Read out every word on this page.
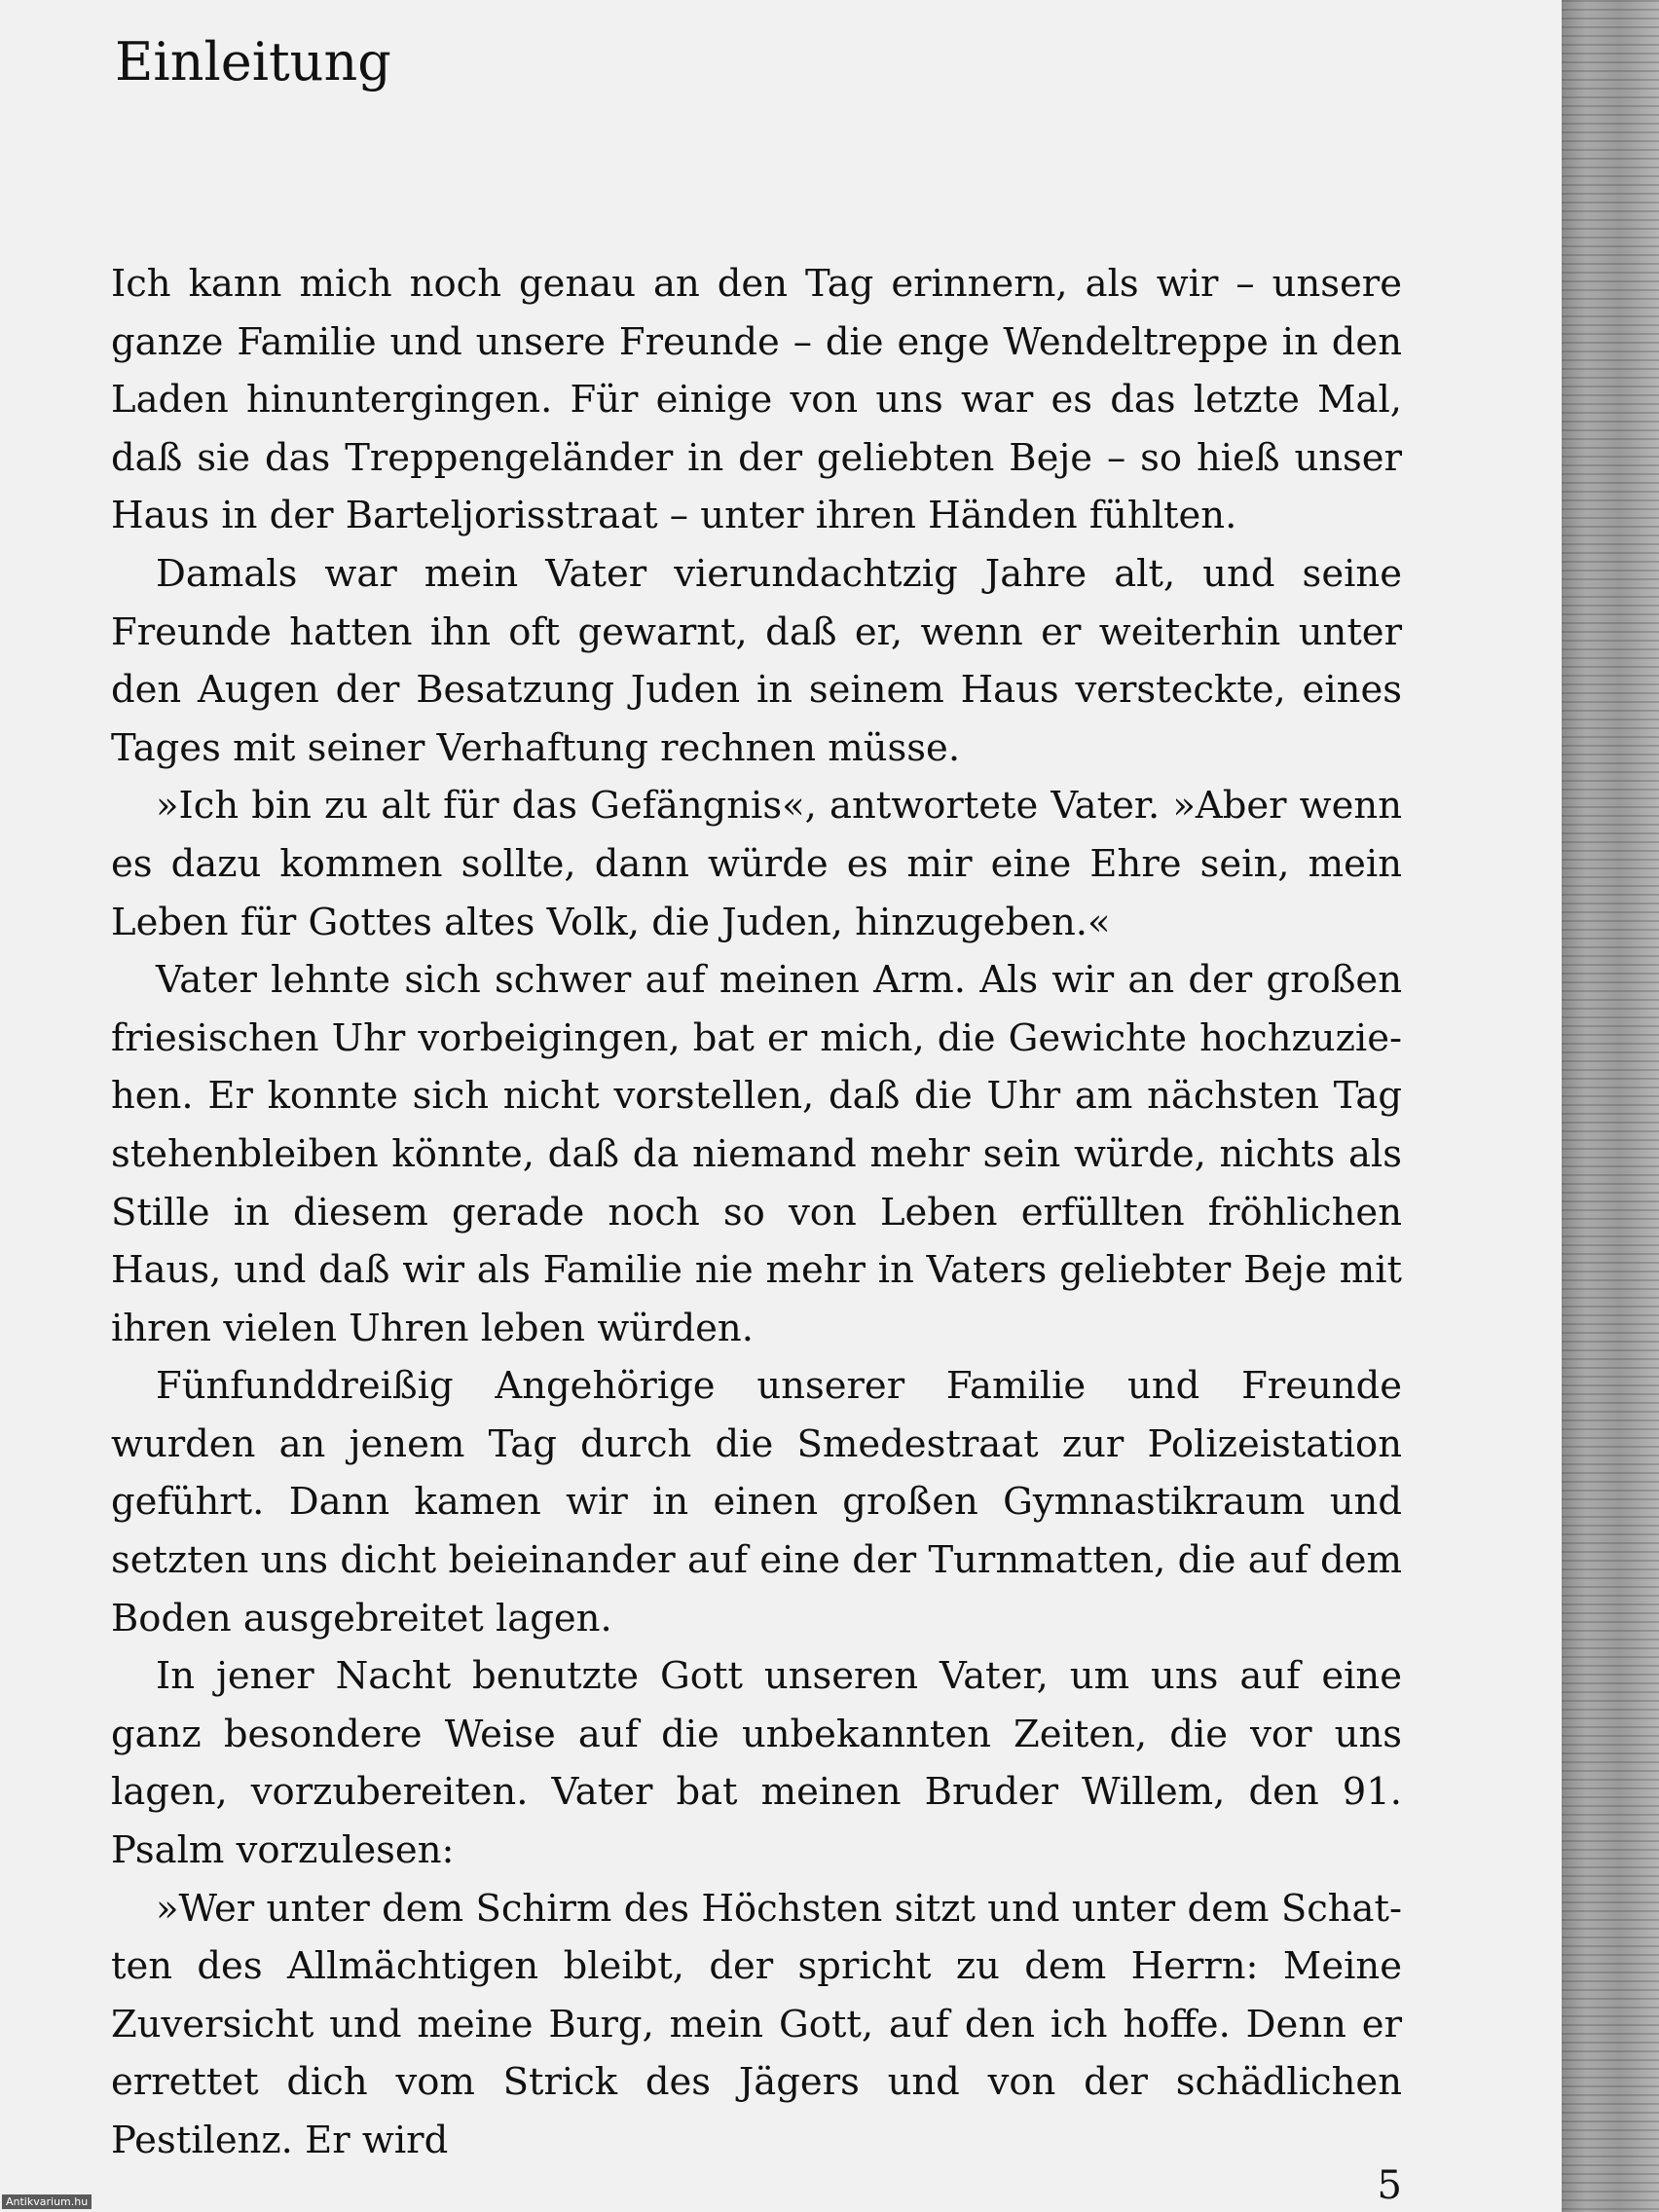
Einleitung

Ich kann mich noch genau an den Tag erinnern, als wir – unsere ganze Familie und unsere Freunde – die enge Wendeltreppe in den Laden hinuntergingen. Für einige von uns war es das letzte Mal, daß sie das Treppengeländer in der geliebten Beje – so hieß unser Haus in der Barteljorisstraat – unter ihren Händen fühlten.

Damals war mein Vater vierundachtzig Jahre alt, und seine Freunde hatten ihn oft gewarnt, daß er, wenn er weiterhin unter den Augen der Besatzung Juden in seinem Haus versteckte, eines Tages mit seiner Verhaftung rechnen müsse.

»Ich bin zu alt für das Gefängnis«, antwortete Vater. »Aber wenn es dazu kommen sollte, dann würde es mir eine Ehre sein, mein Leben für Gottes altes Volk, die Juden, hinzugeben.«

Vater lehnte sich schwer auf meinen Arm. Als wir an der großen friesischen Uhr vorbeigingen, bat er mich, die Gewichte hochzuziehen. Er konnte sich nicht vorstellen, daß die Uhr am nächsten Tag stehenbleiben könnte, daß da niemand mehr sein würde, nichts als Stille in diesem gerade noch so von Leben erfüllten fröhlichen Haus, und daß wir als Familie nie mehr in Vaters geliebter Beje mit ihren vielen Uhren leben würden.

Fünfunddreißig Angehörige unserer Familie und Freunde wurden an jenem Tag durch die Smedestraat zur Polizeistation geführt. Dann kamen wir in einen großen Gymnastikraum und setzten uns dicht beieinander auf eine der Turnmatten, die auf dem Boden ausgebreitet lagen.

In jener Nacht benutzte Gott unseren Vater, um uns auf eine ganz besondere Weise auf die unbekannten Zeiten, die vor uns lagen, vorzubereiten. Vater bat meinen Bruder Willem, den 91. Psalm vorzulesen:

»Wer unter dem Schirm des Höchsten sitzt und unter dem Schatten des Allmächtigen bleibt, der spricht zu dem Herrn: Meine Zuversicht und meine Burg, mein Gott, auf den ich hoffe. Denn er errettet dich vom Strick des Jägers und von der schädlichen Pestilenz. Er wird

5
Antikvarium.hu
